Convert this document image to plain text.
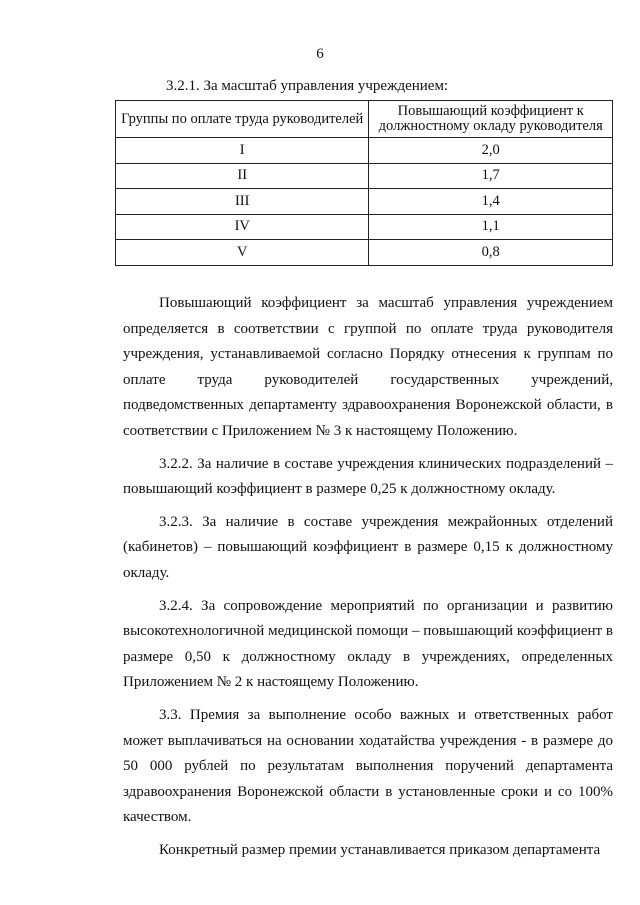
6
3.2.1. За масштаб управления учреждением:
Группы по оплате труда руководителей	Повышающий коэффициент к должностному окладу руководителя
I	2,0
II	1,7
III	1,4
IV	1,1
V	0,8

Повышающий коэффициент за масштаб управления учреждением определяется в соответствии с группой по оплате труда руководителя учреждения, устанавливаемой согласно Порядку отнесения к группам по оплате труда руководителей государственных учреждений, подведомственных департаменту здравоохранения Воронежской области, в соответствии с Приложением № 3 к настоящему Положению.

3.2.2. За наличие в составе учреждения клинических подразделений – повышающий коэффициент в размере 0,25 к должностному окладу.

3.2.3. За наличие в составе учреждения межрайонных отделений (кабинетов) – повышающий коэффициент в размере 0,15 к должностному окладу.

3.2.4. За сопровождение мероприятий по организации и развитию высокотехнологичной медицинской помощи – повышающий коэффициент в размере 0,50 к должностному окладу в учреждениях, определенных Приложением № 2 к настоящему Положению.

3.3. Премия за выполнение особо важных и ответственных работ может выплачиваться на основании ходатайства учреждения - в размере до 50 000 рублей по результатам выполнения поручений департамента здравоохранения Воронежской области в установленные сроки и со 100% качеством.

Конкретный размер премии устанавливается приказом департамента
